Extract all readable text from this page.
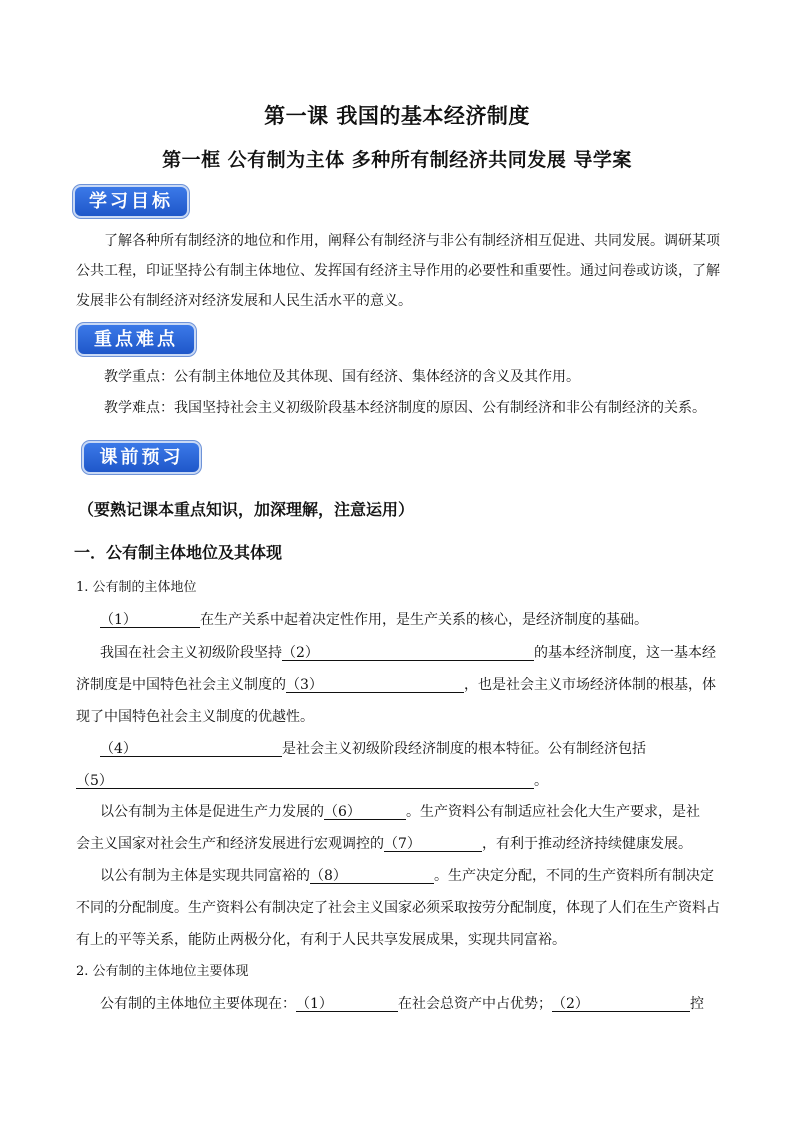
第一课 我国的基本经济制度
第一框 公有制为主体 多种所有制经济共同发展 导学案
学习目标
了解各种所有制经济的地位和作用，阐释公有制经济与非公有制经济相互促进、共同发展。调研某项公共工程，印证坚持公有制主体地位、发挥国有经济主导作用的必要性和重要性。通过问卷或访谈，了解发展非公有制经济对经济发展和人民生活水平的意义。
重点难点
教学重点：公有制主体地位及其体现、国有经济、集体经济的含义及其作用。
教学难点：我国坚持社会主义初级阶段基本经济制度的原因、公有制经济和非公有制经济的关系。
课前预习
（要熟记课本重点知识，加深理解，注意运用）
一．公有制主体地位及其体现
1. 公有制的主体地位
（1）	在生产关系中起着决定性作用，是生产关系的核心，是经济制度的基础。
我国在社会主义初级阶段坚持（2）	的基本经济制度，这一基本经
济制度是中国特色社会主义制度的（3）	，也是社会主义市场经济体制的根基，体
现了中国特色社会主义制度的优越性。
（4）	是社会主义初级阶段经济制度的根本特征。公有制经济包括
（5）	。
以公有制为主体是促进生产力发展的（6）	。生产资料公有制适应社会化大生产要求，是社
会主义国家对社会生产和经济发展进行宏观调控的（7）	，有利于推动经济持续健康发展。
以公有制为主体是实现共同富裕的（8）	。生产决定分配，不同的生产资料所有制决定
不同的分配制度。生产资料公有制决定了社会主义国家必须采取按劳分配制度，体现了人们在生产资料占
有上的平等关系，能防止两极分化，有利于人民共享发展成果，实现共同富裕。
2. 公有制的主体地位主要体现
公有制的主体地位主要体现在：（1）	在社会总资产中占优势；（2）	控
